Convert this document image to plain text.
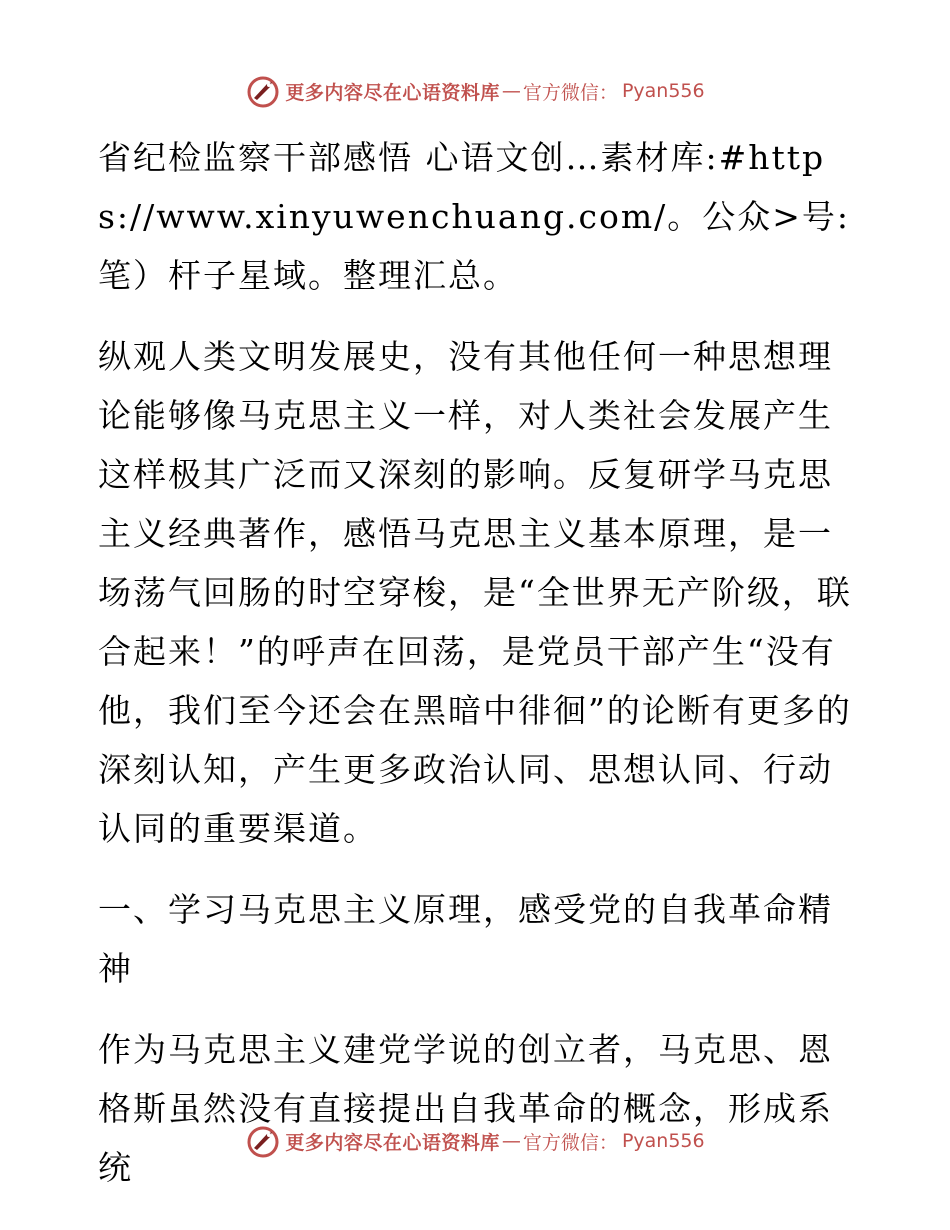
更多内容尽在心语资料库 — 官方微信： Pyan556

省纪检监察干部感悟 心语文创…素材库:#https://www.xinyuwenchuang.com/。公众>号:笔）杆子星域。整理汇总。

纵观人类文明发展史，没有其他任何一种思想理论能够像马克思主义一样，对人类社会发展产生这样极其广泛而又深刻的影响。反复研学马克思主义经典著作，感悟马克思主义基本原理，是一场荡气回肠的时空穿梭，是“全世界无产阶级，联合起来！”的呼声在回荡，是党员干部产生“没有他，我们至今还会在黑暗中徘徊”的论断有更多的深刻认知，产生更多政治认同、思想认同、行动认同的重要渠道。

一、学习马克思主义原理，感受党的自我革命精神

作为马克思主义建党学说的创立者，马克思、恩格斯虽然没有直接提出自我革命的概念，形成系统

更多内容尽在心语资料库 — 官方微信： Pyan556
